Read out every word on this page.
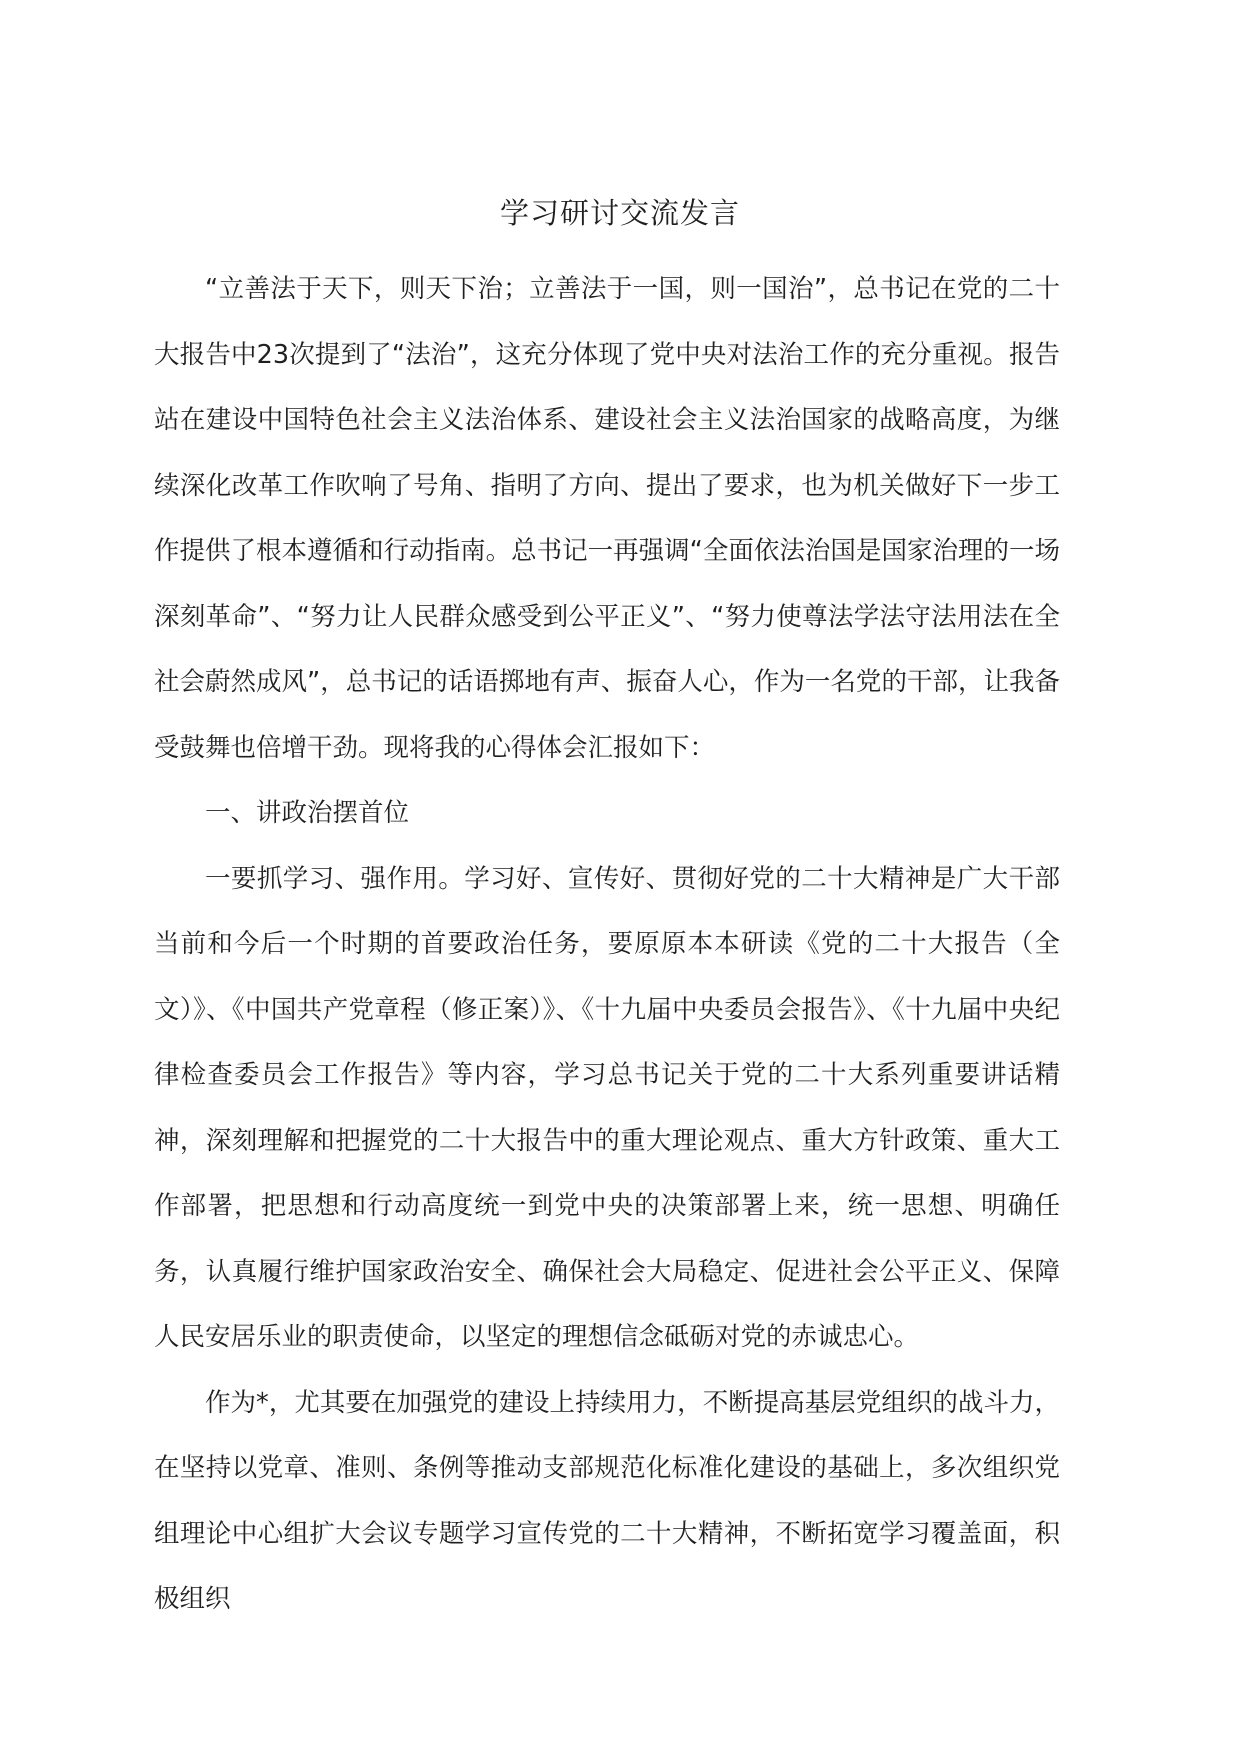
学习研讨交流发言

“立善法于天下，则天下治；立善法于一国，则一国治”，总书记在党的二十大报告中23次提到了“法治”，这充分体现了党中央对法治工作的充分重视。报告站在建设中国特色社会主义法治体系、建设社会主义法治国家的战略高度，为继续深化改革工作吹响了号角、指明了方向、提出了要求，也为机关做好下一步工作提供了根本遵循和行动指南。总书记一再强调“全面依法治国是国家治理的一场深刻革命”、“努力让人民群众感受到公平正义”、“努力使尊法学法守法用法在全社会蔚然成风”，总书记的话语掷地有声、振奋人心，作为一名党的干部，让我备受鼓舞也倍增干劲。现将我的心得体会汇报如下：

一、讲政治摆首位

一要抓学习、强作用。学习好、宣传好、贯彻好党的二十大精神是广大干部当前和今后一个时期的首要政治任务，要原原本本研读《党的二十大报告（全文）》、《中国共产党章程（修正案）》、《十九届中央委员会报告》、《十九届中央纪律检查委员会工作报告》等内容，学习总书记关于党的二十大系列重要讲话精神，深刻理解和把握党的二十大报告中的重大理论观点、重大方针政策、重大工作部署，把思想和行动高度统一到党中央的决策部署上来，统一思想、明确任务，认真履行维护国家政治安全、确保社会大局稳定、促进社会公平正义、保障人民安居乐业的职责使命，以坚定的理想信念砥砺对党的赤诚忠心。

作为*，尤其要在加强党的建设上持续用力，不断提高基层党组织的战斗力，在坚持以党章、准则、条例等推动支部规范化标准化建设的基础上，多次组织党组理论中心组扩大会议专题学习宣传党的二十大精神，不断拓宽学习覆盖面，积极组织
